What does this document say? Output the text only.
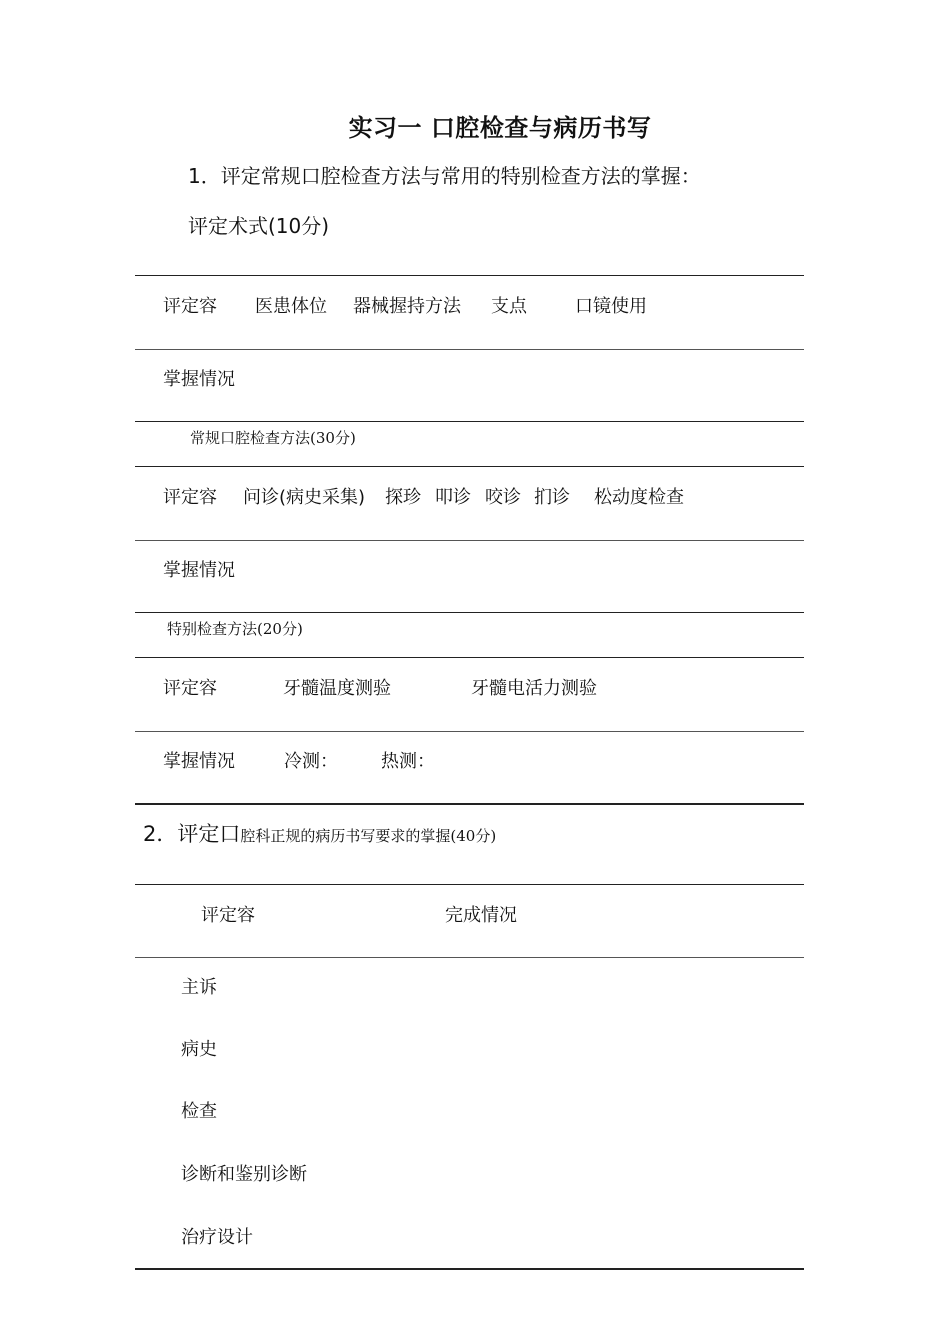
实习一 口腔检查与病历书写
1．评定常规口腔检查方法与常用的特别检查方法的掌握：
评定术式(10分)
评定容 医患体位 器械握持方法 支点	口镜使用
掌握情况
常规口腔检查方法(30分)
评定容 问诊(病史采集) 探珍 叩诊 咬诊 扪诊 松动度检查
掌握情况
特别检查方法(20分)
评定容	牙髓温度测验	牙髓电活力测验
掌握情况	冷测： 热测：
2．评定口腔科正规的病历书写要求的掌握(40分)
评定容	完成情况
主诉
病史
检查
诊断和鉴别诊断
治疗设计
